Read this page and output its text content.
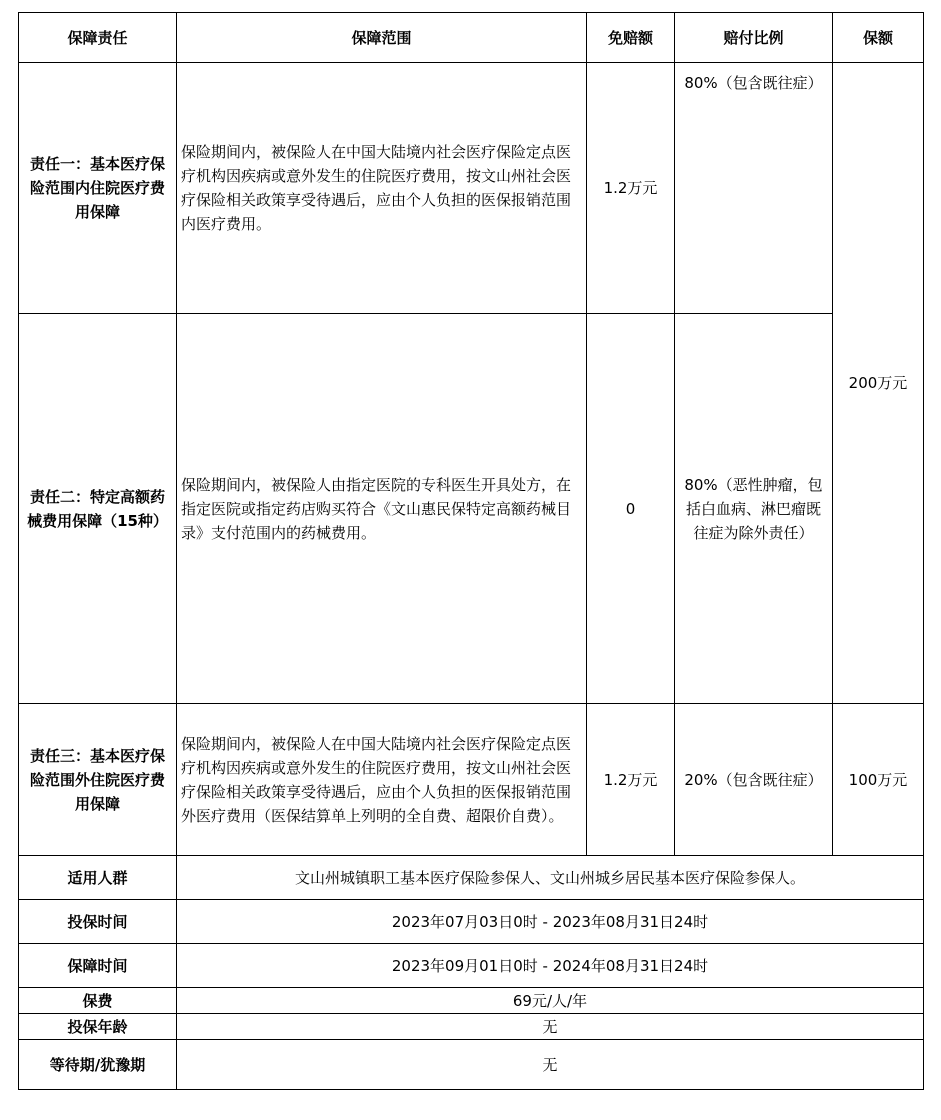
保障责任	保障范围	免赔额	赔付比例	保额
责任一：基本医疗保险范围内住院医疗费用保障	保险期间内，被保险人在中国大陆境内社会医疗保险定点医疗机构因疾病或意外发生的住院医疗费用，按文山州社会医疗保险相关政策享受待遇后，应由个人负担的医保报销范围内医疗费用。	1.2万元	80%（包含既往症）	200万元
责任二：特定高额药械费用保障（15种）	保险期间内，被保险人由指定医院的专科医生开具处方，在指定医院或指定药店购买符合《文山惠民保特定高额药械目录》支付范围内的药械费用。	0	80%（恶性肿瘤，包括白血病、淋巴瘤既往症为除外责任）	
责任三：基本医疗保险范围外住院医疗费用保障	保险期间内，被保险人在中国大陆境内社会医疗保险定点医疗机构因疾病或意外发生的住院医疗费用，按文山州社会医疗保险相关政策享受待遇后，应由个人负担的医保报销范围外医疗费用（医保结算单上列明的全自费、超限价自费）。	1.2万元	20%（包含既往症）	100万元
适用人群	文山州城镇职工基本医疗保险参保人、文山州城乡居民基本医疗保险参保人。			
投保时间	2023年07月03日0时 - 2023年08月31日24时			
保障时间	2023年09月01日0时 - 2024年08月31日24时			
保费	69元/人/年			
投保年龄	无			
等待期/犹豫期	无			
